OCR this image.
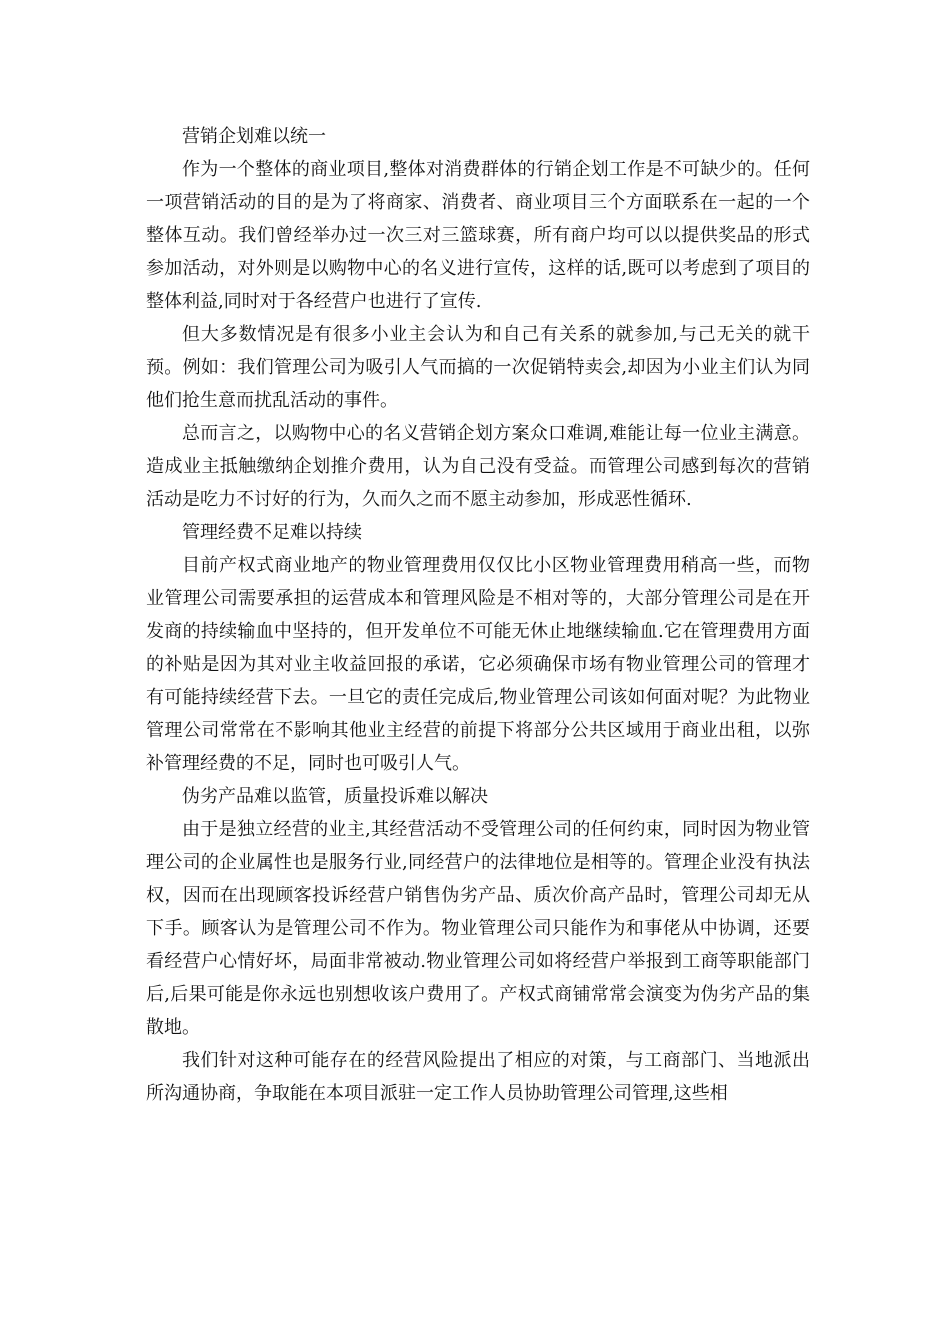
营销企划难以统一

作为一个整体的商业项目,整体对消费群体的行销企划工作是不可缺少的。任何一项营销活动的目的是为了将商家、消费者、商业项目三个方面联系在一起的一个整体互动。我们曾经举办过一次三对三篮球赛，所有商户均可以以提供奖品的形式参加活动，对外则是以购物中心的名义进行宣传，这样的话,既可以考虑到了项目的整体利益,同时对于各经营户也进行了宣传.

但大多数情况是有很多小业主会认为和自己有关系的就参加,与己无关的就干预。例如：我们管理公司为吸引人气而搞的一次促销特卖会,却因为小业主们认为同他们抢生意而扰乱活动的事件。

总而言之，以购物中心的名义营销企划方案众口难调,难能让每一位业主满意。造成业主抵触缴纳企划推介费用，认为自己没有受益。而管理公司感到每次的营销活动是吃力不讨好的行为，久而久之而不愿主动参加，形成恶性循环.

管理经费不足难以持续

目前产权式商业地产的物业管理费用仅仅比小区物业管理费用稍高一些，而物业管理公司需要承担的运营成本和管理风险是不相对等的，大部分管理公司是在开发商的持续输血中坚持的，但开发单位不可能无休止地继续输血.它在管理费用方面的补贴是因为其对业主收益回报的承诺，它必须确保市场有物业管理公司的管理才有可能持续经营下去。一旦它的责任完成后,物业管理公司该如何面对呢？为此物业管理公司常常在不影响其他业主经营的前提下将部分公共区域用于商业出租，以弥补管理经费的不足，同时也可吸引人气。

伪劣产品难以监管，质量投诉难以解决

由于是独立经营的业主,其经营活动不受管理公司的任何约束，同时因为物业管理公司的企业属性也是服务行业,同经营户的法律地位是相等的。管理企业没有执法权，因而在出现顾客投诉经营户销售伪劣产品、质次价高产品时，管理公司却无从下手。顾客认为是管理公司不作为。物业管理公司只能作为和事佬从中协调，还要看经营户心情好坏，局面非常被动.物业管理公司如将经营户举报到工商等职能部门后,后果可能是你永远也别想收该户费用了。产权式商铺常常会演变为伪劣产品的集散地。

我们针对这种可能存在的经营风险提出了相应的对策，与工商部门、当地派出所沟通协商，争取能在本项目派驻一定工作人员协助管理公司管理,这些相
